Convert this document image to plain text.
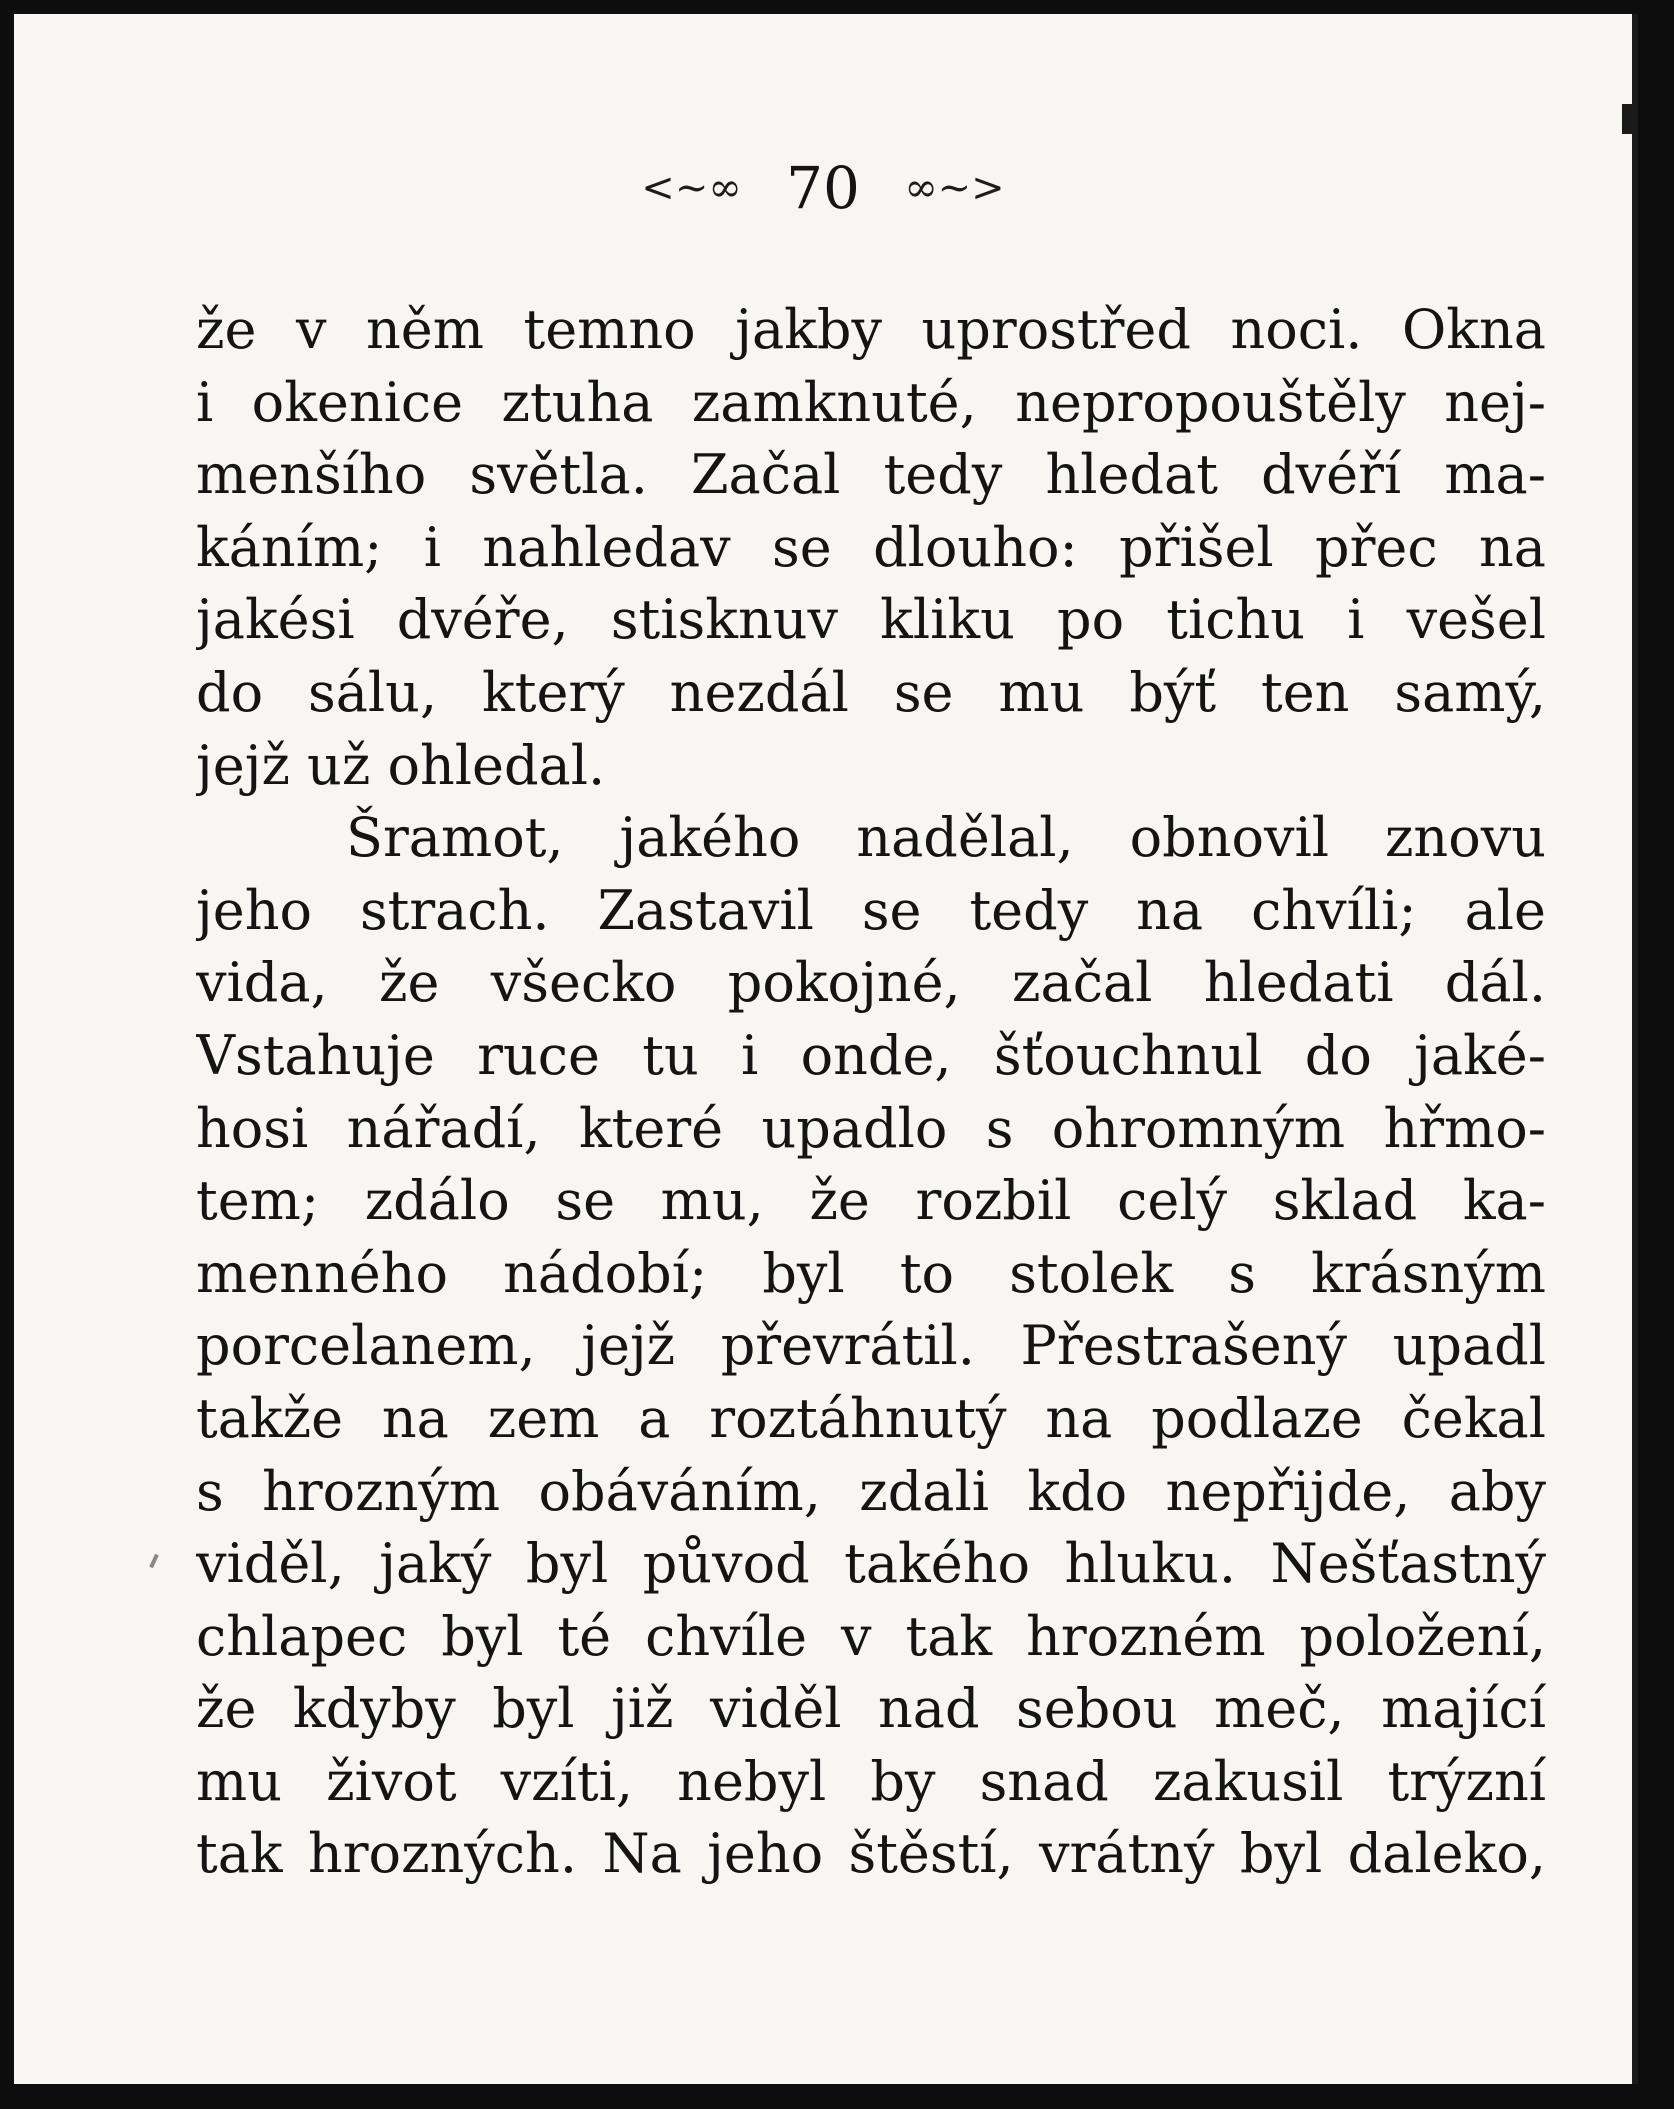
<~∞ 70 ∞~>
že v něm temno jakby uprostřed noci. Okna
i okenice ztuha zamknuté, nepropouštěly nej-
menšího světla. Začal tedy hledat dvéří ma-
káním; i nahledav se dlouho: přišel přec na
jakési dvéře, stisknuv kliku po tichu i vešel
do sálu, který nezdál se mu býť ten samý,
jejž už ohledal.
Šramot, jakého nadělal, obnovil znovu
jeho strach. Zastavil se tedy na chvíli; ale
vida, že všecko pokojné, začal hledati dál.
Vstahuje ruce tu i onde, šťouchnul do jaké-
hosi nářadí, které upadlo s ohromným hřmo-
tem; zdálo se mu, že rozbil celý sklad ka-
menného nádobí; byl to stolek s krásným
porcelanem, jejž převrátil. Přestrašený upadl
takže na zem a roztáhnutý na podlaze čekal
s hrozným obáváním, zdali kdo nepřijde, aby
viděl, jaký byl původ takého hluku. Nešťastný
chlapec byl té chvíle v tak hrozném položení,
že kdyby byl již viděl nad sebou meč, mající
mu život vzíti, nebyl by snad zakusil trýzní
tak hrozných. Na jeho štěstí, vrátný byl daleko,
